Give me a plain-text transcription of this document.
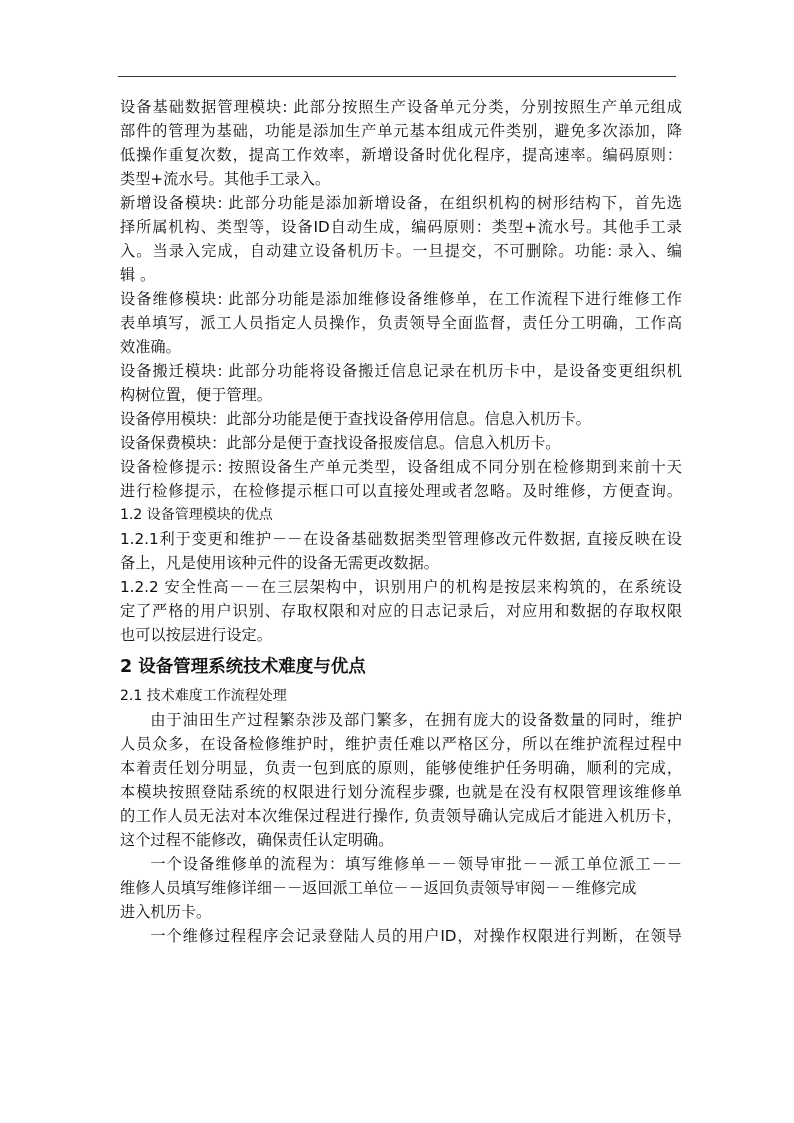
设备基础数据管理模块: 此部分按照生产设备单元分类，分别按照生产单元组成
部件的管理为基础，功能是添加生产单元基本组成元件类别，避免多次添加，降
低操作重复次数，提高工作效率，新增设备时优化程序，提高速率。编码原则：
类型+流水号。其他手工录入。
新增设备模块: 此部分功能是添加新增设备，在组织机构的树形结构下，首先选
择所属机构、类型等，设备ID自动生成，编码原则：类型+流水号。其他手工录
入。当录入完成，自动建立设备机历卡。一旦提交，不可删除。功能: 录入、编
辑 。
设备维修模块: 此部分功能是添加维修设备维修单，在工作流程下进行维修工作
表单填写，派工人员指定人员操作，负责领导全面监督，责任分工明确，工作高
效准确。
设备搬迁模块: 此部分功能将设备搬迁信息记录在机历卡中，是设备变更组织机
构树位置，便于管理。
设备停用模块：此部分功能是便于查找设备停用信息。信息入机历卡。
设备保费模块：此部分是便于查找设备报废信息。信息入机历卡。
设备检修提示: 按照设备生产单元类型，设备组成不同分别在检修期到来前十天
进行检修提示，在检修提示框口可以直接处理或者忽略。及时维修，方便查询。
1.2 设备管理模块的优点
1.2.1利于变更和维护－－在设备基础数据类型管理修改元件数据, 直接反映在设
备上，凡是使用该种元件的设备无需更改数据。
1.2.2 安全性高－－在三层架构中，识别用户的机构是按层来构筑的，在系统设
定了严格的用户识别、存取权限和对应的日志记录后，对应用和数据的存取权限
也可以按层进行设定。
2 设备管理系统技术难度与优点
2.1 技术难度工作流程处理
由于油田生产过程繁杂涉及部门繁多，在拥有庞大的设备数量的同时，维护
人员众多，在设备检修维护时，维护责任难以严格区分，所以在维护流程过程中
本着责任划分明显，负责一包到底的原则，能够使维护任务明确，顺利的完成，
本模块按照登陆系统的权限进行划分流程步骤, 也就是在没有权限管理该维修单
的工作人员无法对本次维保过程进行操作, 负责领导确认完成后才能进入机历卡，
这个过程不能修改，确保责任认定明确。
一个设备维修单的流程为：填写维修单－－领导审批－－派工单位派工－－
维修人员填写维修详细－－返回派工单位－－返回负责领导审阅－－维修完成
进入机历卡。
一个维修过程程序会记录登陆人员的用户ID，对操作权限进行判断，在领导
